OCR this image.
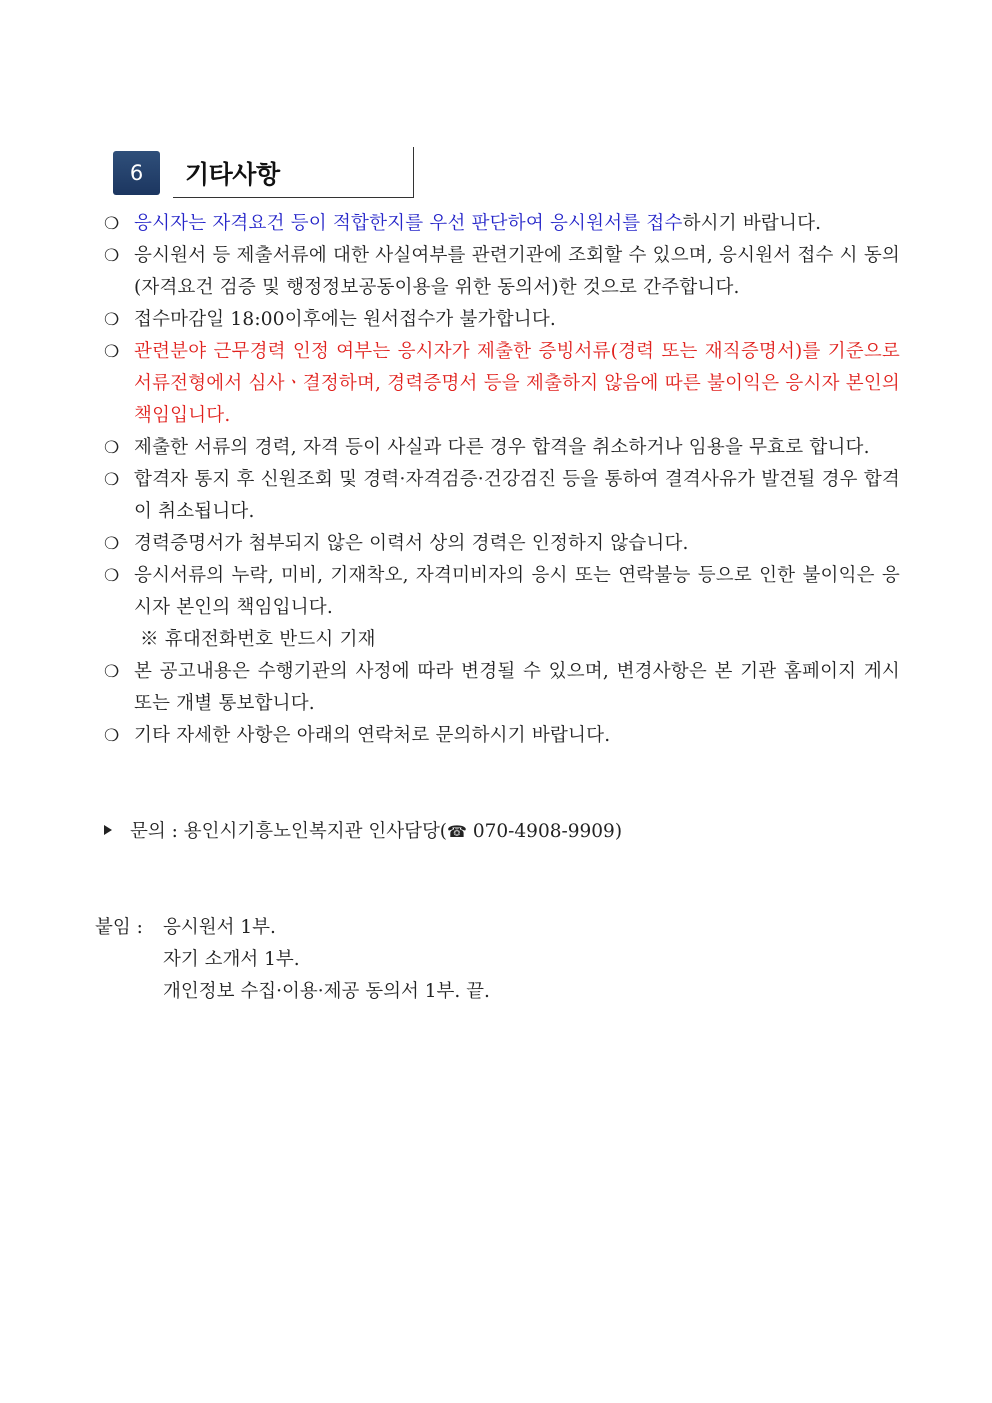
6	기타사항
❍ 응시자는 자격요건 등이 적합한지를 우선 판단하여 응시원서를 접수하시기 바랍니다.
❍ 응시원서 등 제출서류에 대한 사실여부를 관련기관에 조회할 수 있으며, 응시원서 접수 시 동의(자격요건 검증 및 행정정보공동이용을 위한 동의서)한 것으로 간주합니다.
❍ 접수마감일 18:00이후에는 원서접수가 불가합니다.
❍ 관련분야 근무경력 인정 여부는 응시자가 제출한 증빙서류(경력 또는 재직증명서)를 기준으로 서류전형에서 심사ㆍ결정하며, 경력증명서 등을 제출하지 않음에 따른 불이익은 응시자 본인의 책임입니다.
❍ 제출한 서류의 경력, 자격 등이 사실과 다른 경우 합격을 취소하거나 임용을 무효로 합니다.
❍ 합격자 통지 후 신원조회 및 경력·자격검증·건강검진 등을 통하여 결격사유가 발견될 경우 합격이 취소됩니다.
❍ 경력증명서가 첨부되지 않은 이력서 상의 경력은 인정하지 않습니다.
❍ 응시서류의 누락, 미비, 기재착오, 자격미비자의 응시 또는 연락불능 등으로 인한 불이익은 응시자 본인의 책임입니다.
※ 휴대전화번호 반드시 기재
❍ 본 공고내용은 수행기관의 사정에 따라 변경될 수 있으며, 변경사항은 본 기관 홈페이지 게시 또는 개별 통보합니다.
❍ 기타 자세한 사항은 아래의 연락처로 문의하시기 바랍니다.
문의 : 용인시기흥노인복지관 인사담당(☎ 070-4908-9909)
붙임 : 응시원서 1부.
자기 소개서 1부.
개인정보 수집·이용·제공 동의서 1부. 끝.
